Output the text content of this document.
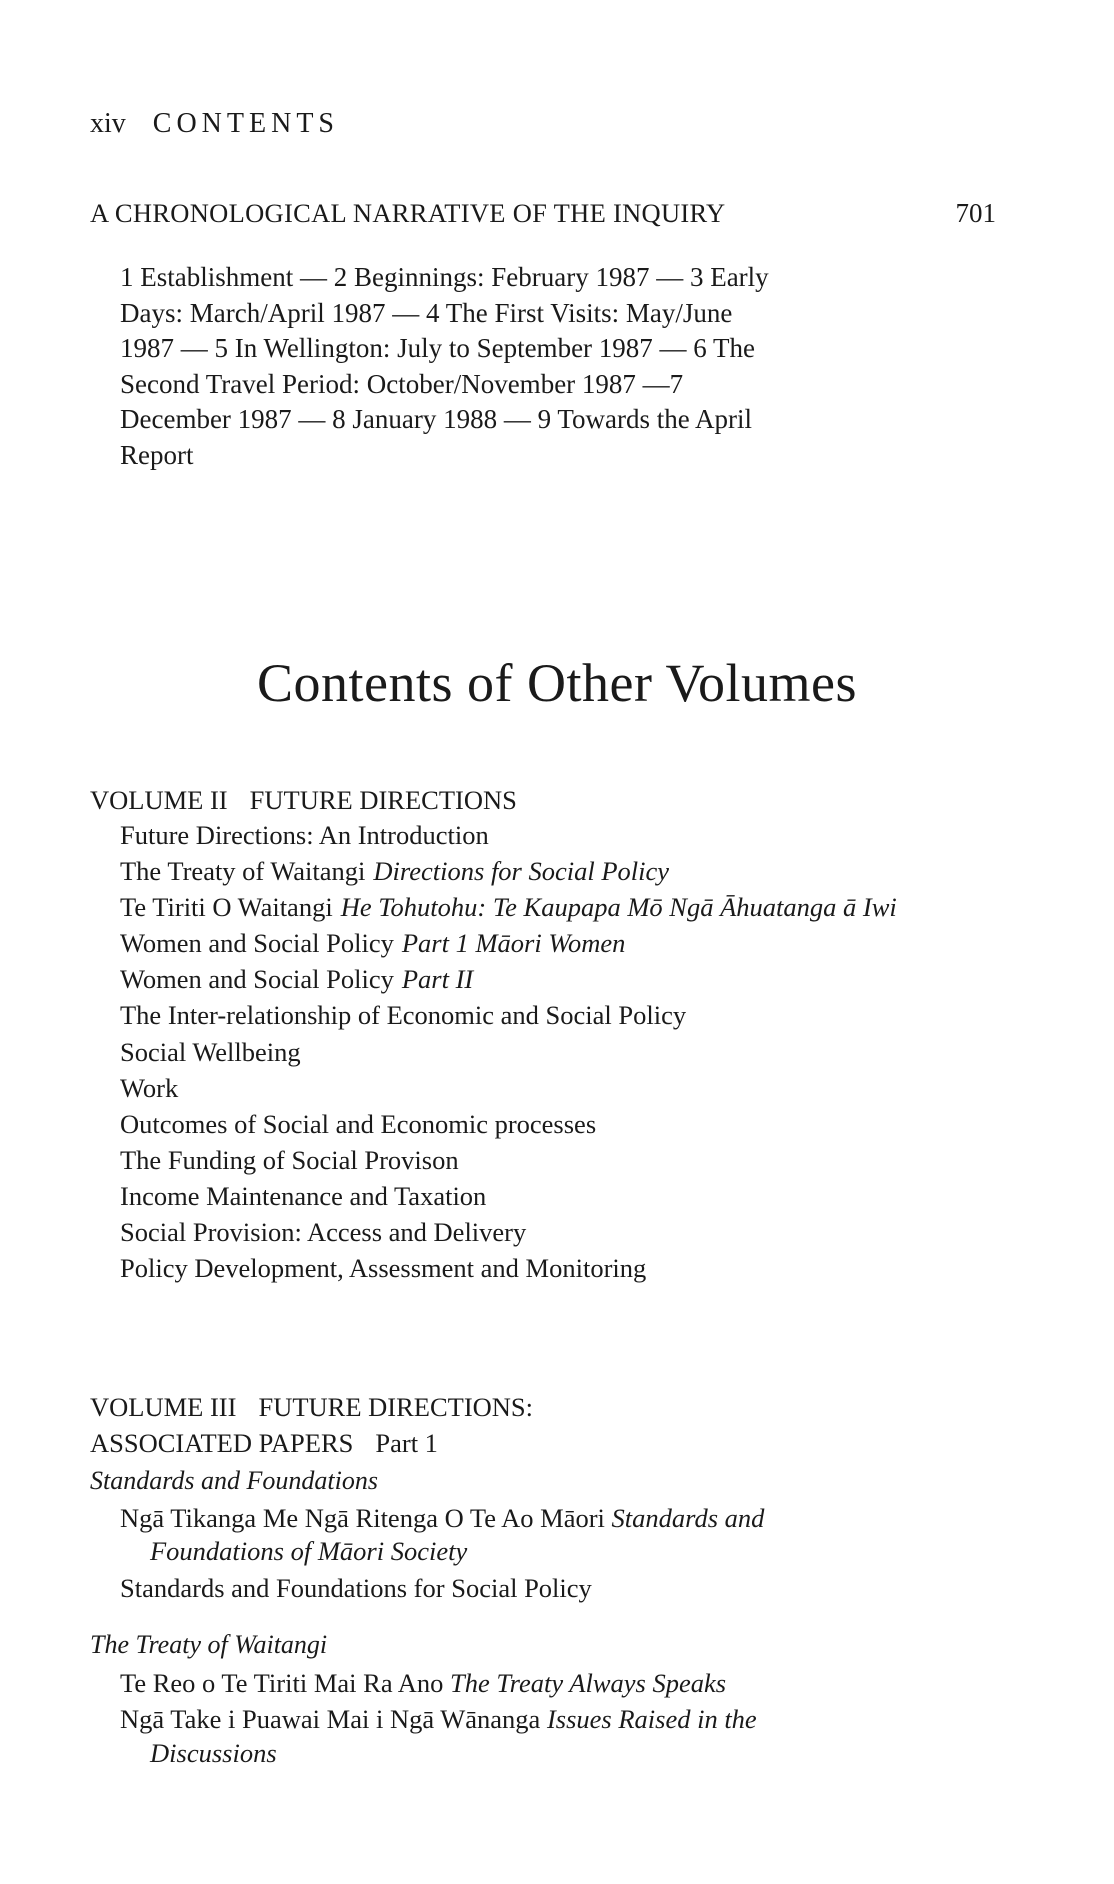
xiv CONTENTS
A CHRONOLOGICAL NARRATIVE OF THE INQUIRY	701
1 Establishment — 2 Beginnings: February 1987 — 3 Early
Days: March/April 1987 — 4 The First Visits: May/June
1987 — 5 In Wellington: July to September 1987 — 6 The
Second Travel Period: October/November 1987 —7
December 1987 — 8 January 1988 — 9 Towards the April
Report
Contents of Other Volumes
VOLUME II FUTURE DIRECTIONS
Future Directions: An Introduction
The Treaty of Waitangi Directions for Social Policy
Te Tiriti O Waitangi He Tohutohu: Te Kaupapa Mō Ngā Āhuatanga ā Iwi
Women and Social Policy Part 1 Māori Women
Women and Social Policy Part II
The Inter-relationship of Economic and Social Policy
Social Wellbeing
Work
Outcomes of Social and Economic processes
The Funding of Social Provison
Income Maintenance and Taxation
Social Provision: Access and Delivery
Policy Development, Assessment and Monitoring
VOLUME III FUTURE DIRECTIONS:
ASSOCIATED PAPERS Part 1
Standards and Foundations
Ngā Tikanga Me Ngā Ritenga O Te Ao Māori Standards and
Foundations of Māori Society
Standards and Foundations for Social Policy
The Treaty of Waitangi
Te Reo o Te Tiriti Mai Ra Ano The Treaty Always Speaks
Ngā Take i Puawai Mai i Ngā Wānanga Issues Raised in the
Discussions
